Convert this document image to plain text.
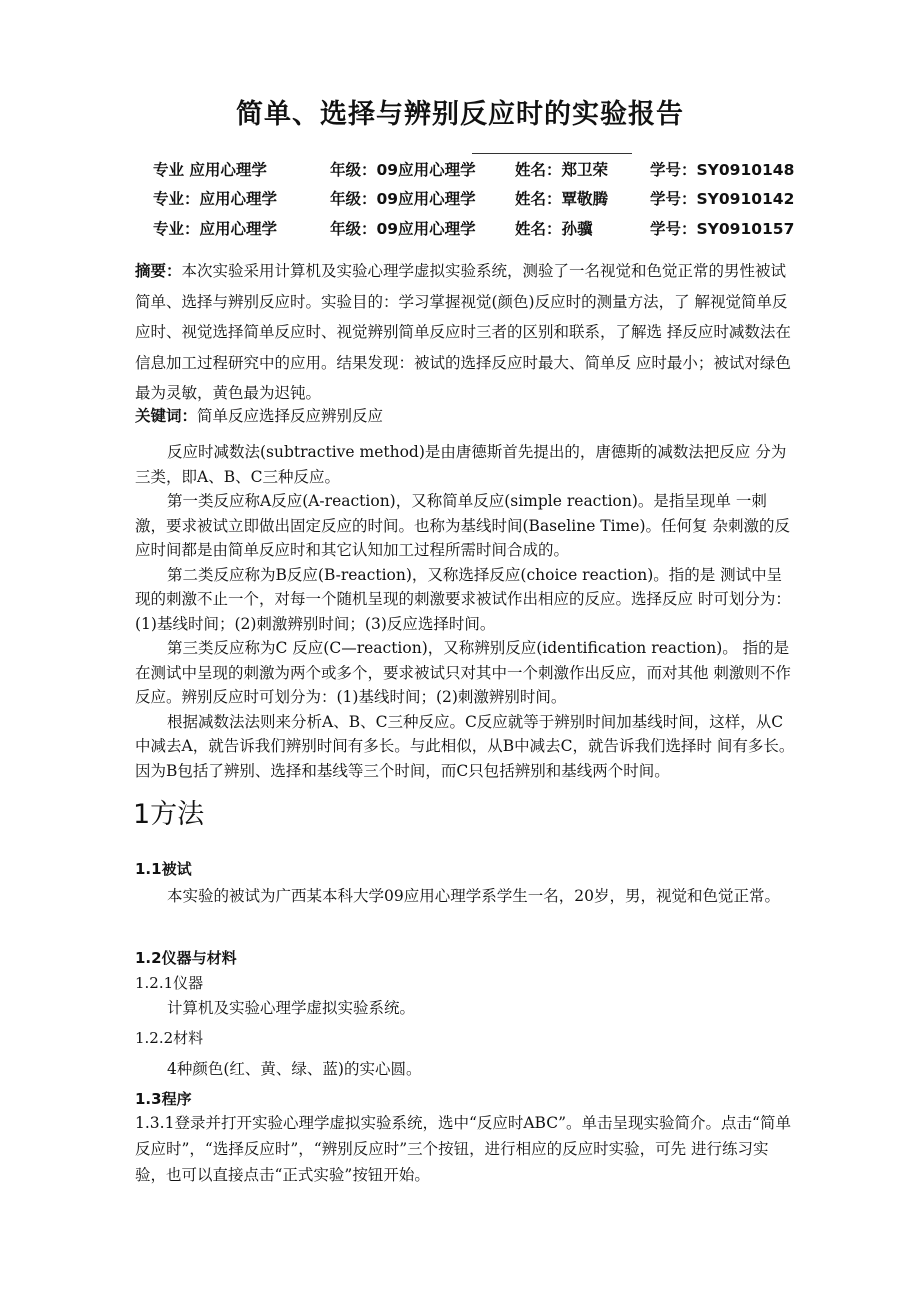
简单、选择与辨别反应时的实验报告
专业 应用心理学	年级：09应用心理学	姓名：郑卫荣	学号：SY0910148
专业：应用心理学	年级：09应用心理学	姓名：覃敬腾	学号：SY0910142
专业：应用心理学	年级：09应用心理学	姓名：孙骥	学号：SY0910157
摘要：本次实验采用计算机及实验心理学虚拟实验系统，测验了一名视觉和色觉正常的男性被试简单、选择与辨别反应时。实验目的：学习掌握视觉(颜色)反应时的测量方法，了 解视觉简单反应时、视觉选择简单反应时、视觉辨别简单反应时三者的区别和联系，了解选 择反应时减数法在信息加工过程研究中的应用。结果发现：被试的选择反应时最大、简单反 应时最小；被试对绿色最为灵敏，黄色最为迟钝。
关键词：简单反应选择反应辨别反应

反应时减数法(subtractive method)是由唐德斯首先提出的，唐德斯的减数法把反应 分为三类，即A、B、C三种反应。

第一类反应称A反应(A-reaction)，又称简单反应(simple reaction)。是指呈现单 一刺激，要求被试立即做出固定反应的时间。也称为基线时间(Baseline Time)。任何复 杂刺激的反应时间都是由简单反应时和其它认知加工过程所需时间合成的。

第二类反应称为B反应(B-reaction)，又称选择反应(choice reaction)。指的是 测试中呈现的刺激不止一个，对每一个随机呈现的刺激要求被试作出相应的反应。选择反应 时可划分为：(1)基线时间；(2)刺激辨别时间；(3)反应选择时间。

第三类反应称为C 反应(C—reaction)，又称辨别反应(identification reaction)。 指的是在测试中呈现的刺激为两个或多个，要求被试只对其中一个刺激作出反应，而对其他 刺激则不作反应。辨别反应时可划分为：(1)基线时间；(2)刺激辨别时间。

根据减数法法则来分析A、B、C三种反应。C反应就等于辨别时间加基线时间，这样，从C中减去A，就告诉我们辨别时间有多长。与此相似，从B中减去C，就告诉我们选择时 间有多长。因为B包括了辨别、选择和基线等三个时间，而C只包括辨别和基线两个时间。

1方法
1.1被试
本实验的被试为广西某本科大学09应用心理学系学生一名，20岁，男，视觉和色觉正常。
1.2仪器与材料
1.2.1仪器
计算机及实验心理学虚拟实验系统。
1.2.2材料
4种颜色(红、黄、绿、蓝)的实心圆。
1.3程序
1.3.1登录并打开实验心理学虚拟实验系统，选中“反应时ABC”。单击呈现实验简介。点击“简单反应时”，“选择反应时”，“辨别反应时”三个按钮，进行相应的反应时实验，可先 进行练习实验，也可以直接点击“正式实验”按钮开始。
